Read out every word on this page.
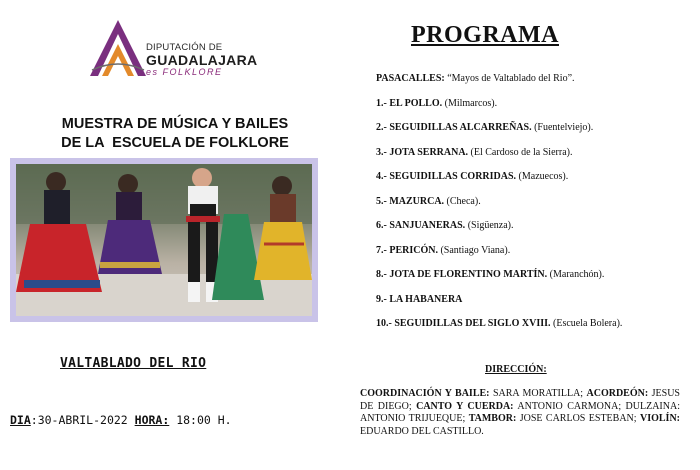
DIPUTACIÓN DE
GUADALAJARA
es FOLKLORE
MUESTRA DE MÚSICA Y BAILES
DE LA  ESCUELA DE FOLKLORE
VALTABLADO DEL RIO
DIA:30-ABRIL-2022 HORA: 18:00 H.
PROGRAMA
PASACALLES: “Mayos de Valtablado del Rio”.
1.- EL POLLO. (Milmarcos).
2.- SEGUIDILLAS ALCARREÑAS. (Fuentelviejo).
3.- JOTA SERRANA. (El Cardoso de la Sierra).
4.- SEGUIDILLAS CORRIDAS. (Mazuecos).
5.- MAZURCA. (Checa).
6.- SANJUANERAS. (Sigüenza).
7.- PERICÓN. (Santiago Viana).
8.- JOTA DE FLORENTINO MARTÍN. (Maranchón).
9.- LA HABANERA
10.- SEGUIDILLAS DEL SIGLO XVIII. (Escuela Bolera).
DIRECCIÓN:
COORDINACIÓN Y BAILE: SARA MORATILLA; ACORDEÓN: JESUS DE DIEGO; CANTO Y CUERDA: ANTONIO CARMONA; DULZAINA: ANTONIO TRIJUEQUE; TAMBOR: JOSE CARLOS ESTEBAN; VIOLÍN: EDUARDO DEL CASTILLO.
